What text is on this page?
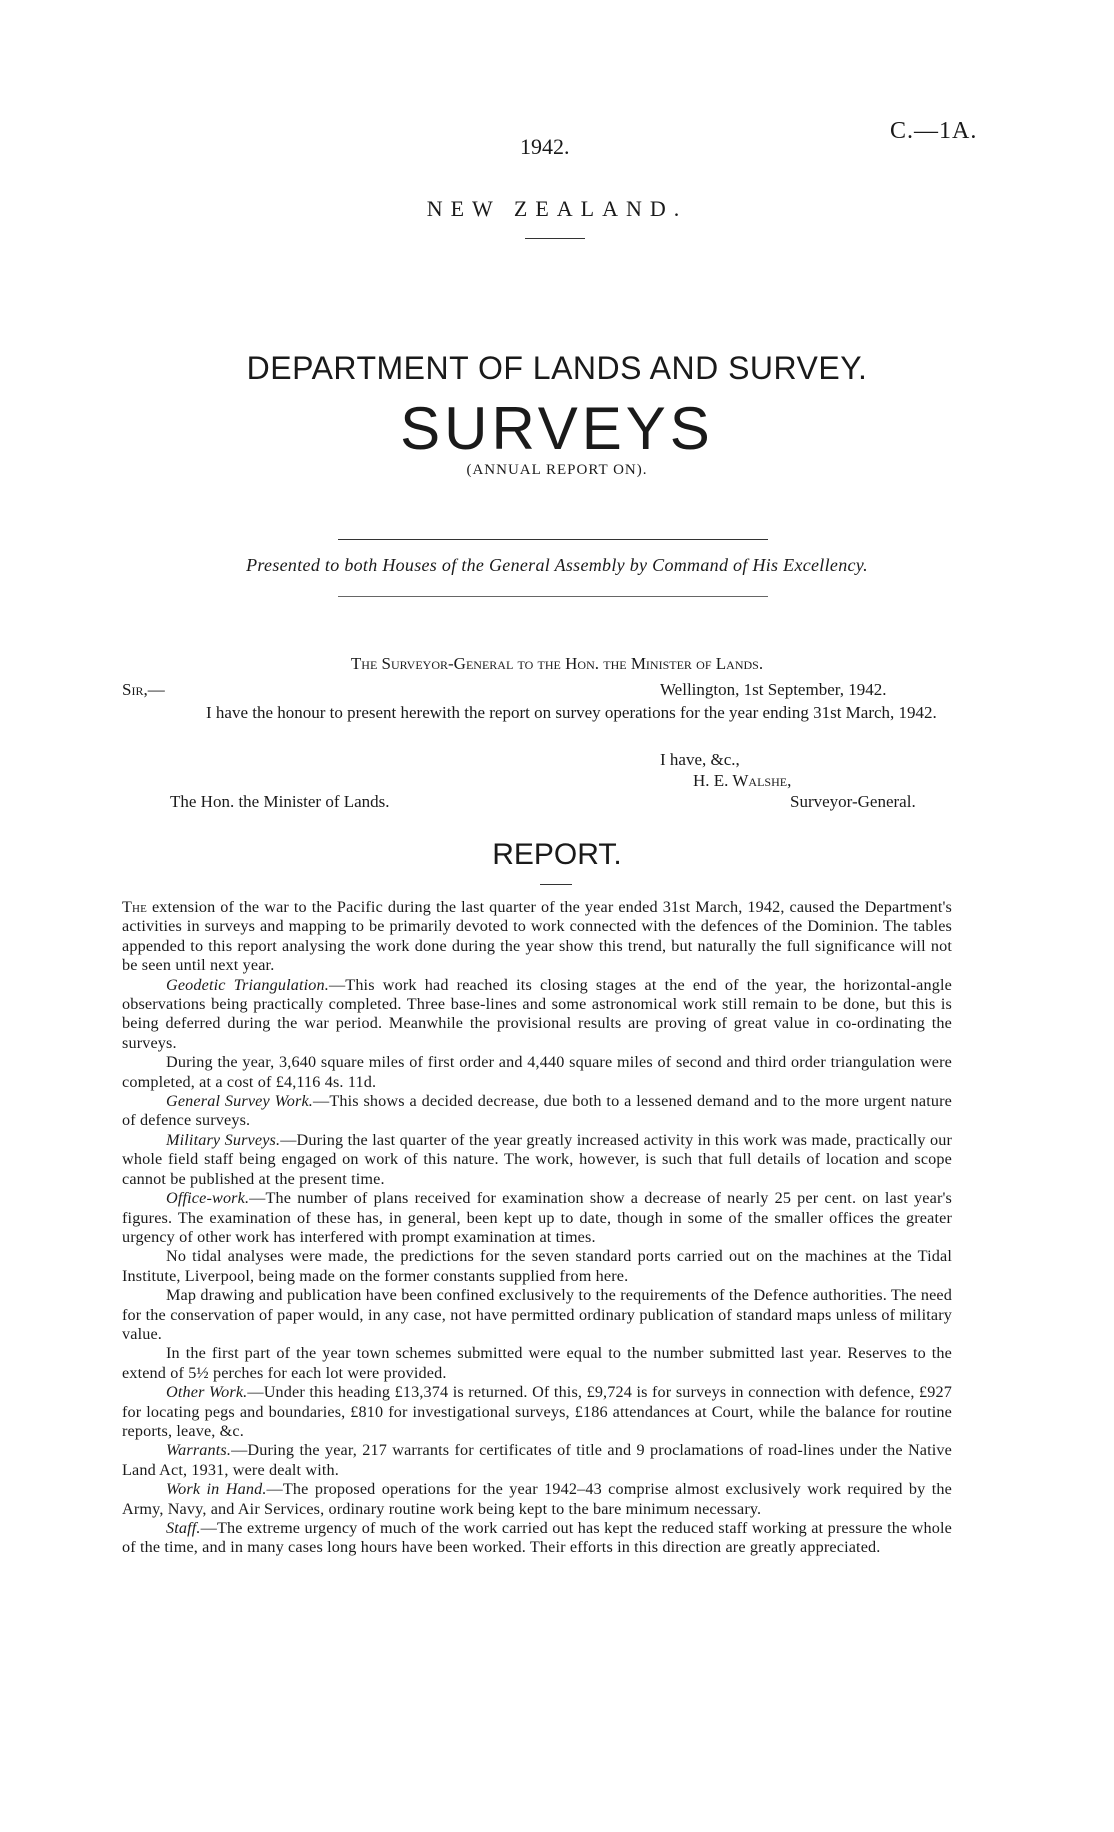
1942.
C.—1A.
NEW ZEALAND.
DEPARTMENT OF LANDS AND SURVEY.
SURVEYS
(ANNUAL REPORT ON).
Presented to both Houses of the General Assembly by Command of His Excellency.
The Surveyor-General to the Hon. the Minister of Lands.
Sir,—	Wellington, 1st September, 1942.
I have the honour to present herewith the report on survey operations for the year ending 31st March, 1942.
I have, &c.,
H. E. Walshe,
The Hon. the Minister of Lands.	Surveyor-General.
REPORT.

The extension of the war to the Pacific during the last quarter of the year ended 31st March, 1942, caused the Department's activities in surveys and mapping to be primarily devoted to work connected with the defences of the Dominion. The tables appended to this report analysing the work done during the year show this trend, but naturally the full significance will not be seen until next year.

Geodetic Triangulation.—This work had reached its closing stages at the end of the year, the horizontal-angle observations being practically completed. Three base-lines and some astronomical work still remain to be done, but this is being deferred during the war period. Meanwhile the provisional results are proving of great value in co-ordinating the surveys.

During the year, 3,640 square miles of first order and 4,440 square miles of second and third order triangulation were completed, at a cost of £4,116 4s. 11d.

General Survey Work.—This shows a decided decrease, due both to a lessened demand and to the more urgent nature of defence surveys.

Military Surveys.—During the last quarter of the year greatly increased activity in this work was made, practically our whole field staff being engaged on work of this nature. The work, however, is such that full details of location and scope cannot be published at the present time.

Office-work.—The number of plans received for examination show a decrease of nearly 25 per cent. on last year's figures. The examination of these has, in general, been kept up to date, though in some of the smaller offices the greater urgency of other work has interfered with prompt examination at times.

No tidal analyses were made, the predictions for the seven standard ports carried out on the machines at the Tidal Institute, Liverpool, being made on the former constants supplied from here.

Map drawing and publication have been confined exclusively to the requirements of the Defence authorities. The need for the conservation of paper would, in any case, not have permitted ordinary publication of standard maps unless of military value.

In the first part of the year town schemes submitted were equal to the number submitted last year. Reserves to the extend of 5½ perches for each lot were provided.

Other Work.—Under this heading £13,374 is returned. Of this, £9,724 is for surveys in connection with defence, £927 for locating pegs and boundaries, £810 for investigational surveys, £186 attendances at Court, while the balance for routine reports, leave, &c.

Warrants.—During the year, 217 warrants for certificates of title and 9 proclamations of road-lines under the Native Land Act, 1931, were dealt with.

Work in Hand.—The proposed operations for the year 1942–43 comprise almost exclusively work required by the Army, Navy, and Air Services, ordinary routine work being kept to the bare minimum necessary.

Staff.—The extreme urgency of much of the work carried out has kept the reduced staff working at pressure the whole of the time, and in many cases long hours have been worked. Their efforts in this direction are greatly appreciated.
